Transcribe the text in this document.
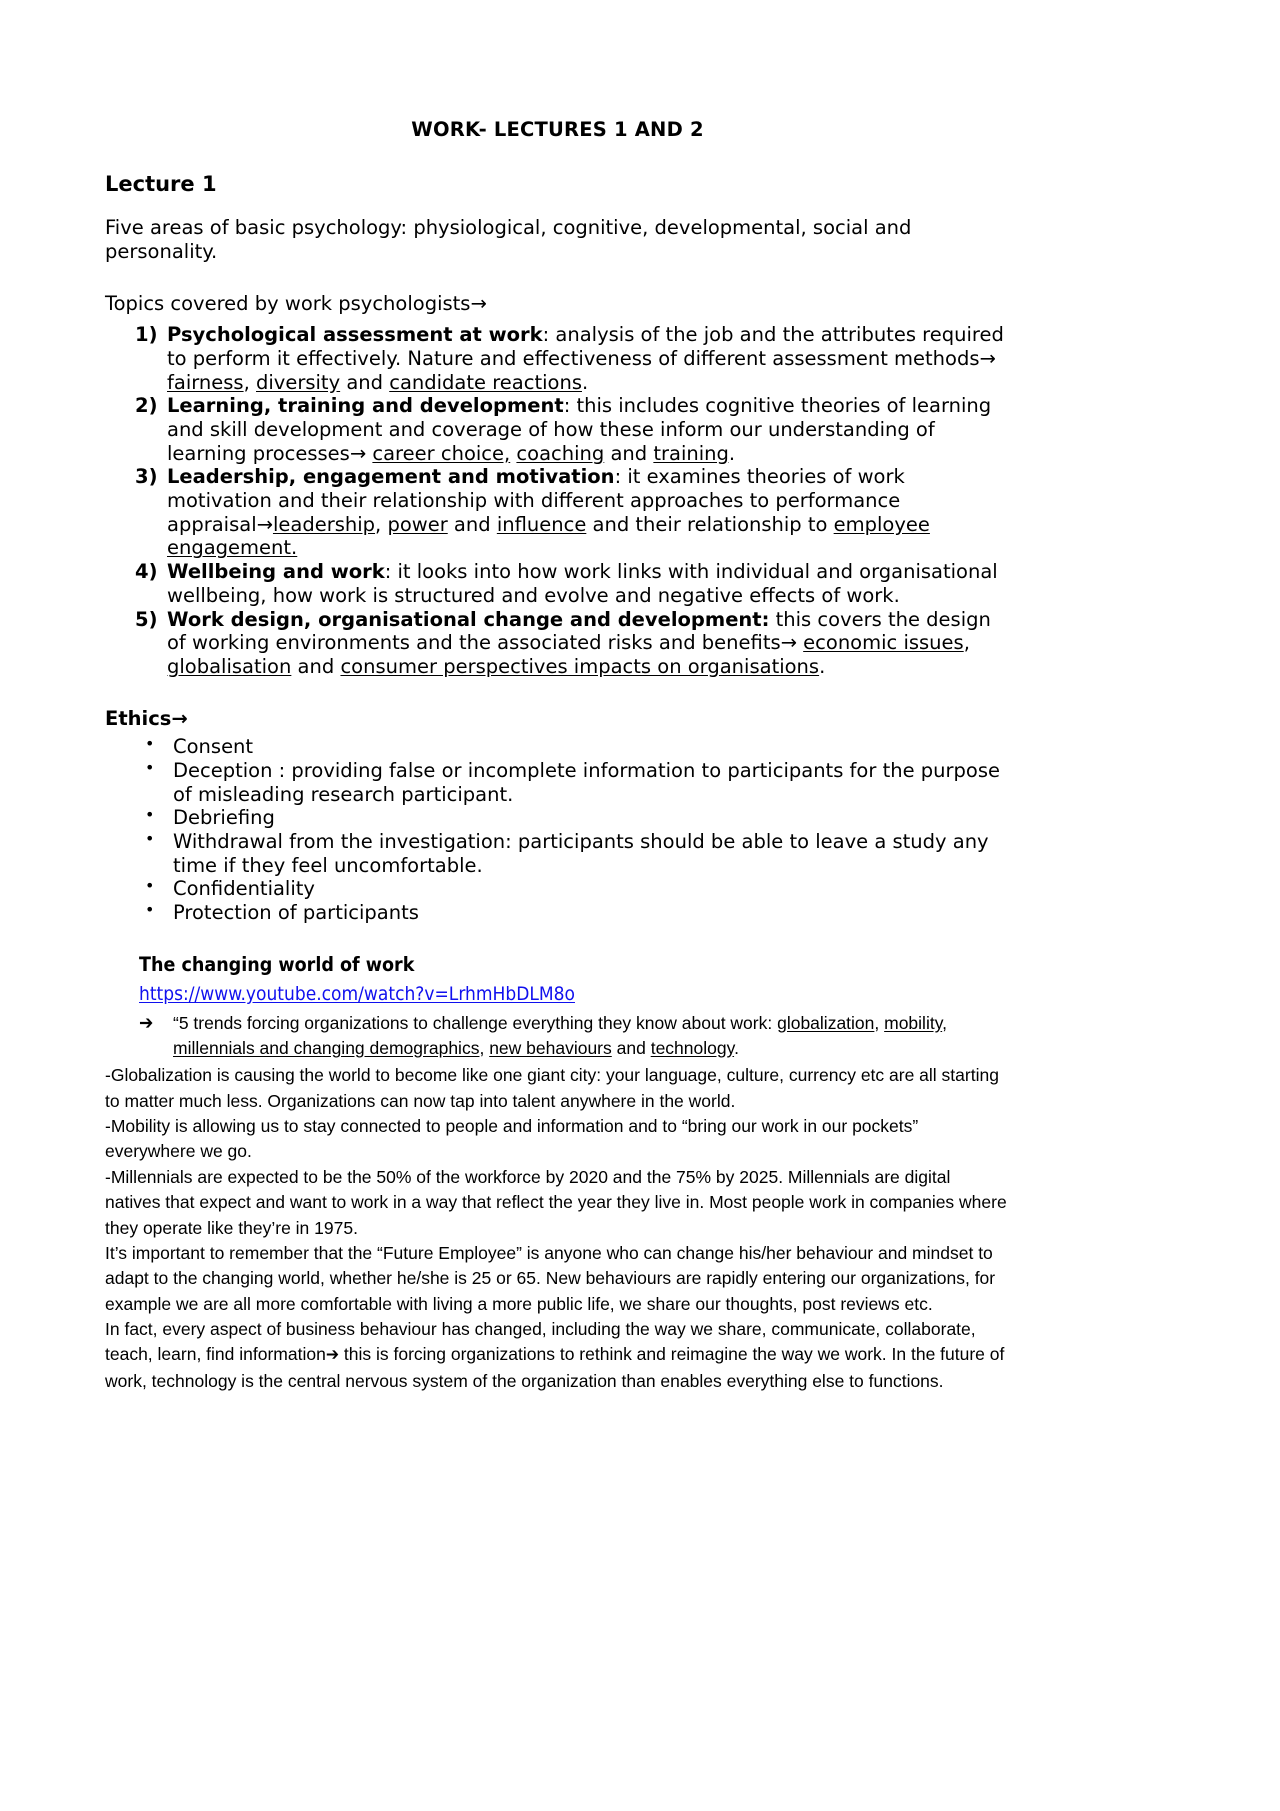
WORK- LECTURES 1 AND 2
Lecture 1

Five areas of basic psychology: physiological, cognitive, developmental, social and personality.

Topics covered by work psychologists→

Psychological assessment at work: analysis of the job and the attributes required to perform it effectively. Nature and effectiveness of different assessment methods→ fairness, diversity and candidate reactions.
Learning, training and development: this includes cognitive theories of learning and skill development and coverage of how these inform our understanding of learning processes→ career choice, coaching and training.
Leadership, engagement and motivation: it examines theories of work motivation and their relationship with different approaches to performance appraisal→leadership, power and influence and their relationship to employee engagement.
Wellbeing and work: it looks into how work links with individual and organisational wellbeing, how work is structured and evolve and negative effects of work.
Work design, organisational change and development: this covers the design of working environments and the associated risks and benefits→ economic issues, globalisation and consumer perspectives impacts on organisations.
Ethics→
• Consent
• Deception : providing false or incomplete information to participants for the purpose of misleading research participant.
• Debriefing
• Withdrawal from the investigation: participants should be able to leave a study any time if they feel uncomfortable.
• Confidentiality
• Protection of participants
The changing world of work
https://www.youtube.com/watch?v=LrhmHbDLM8o
➔ “5 trends forcing organizations to challenge everything they know about work: globalization, mobility, millennials and changing demographics, new behaviours and technology.

-Globalization is causing the world to become like one giant city: your language, culture, currency etc are all starting to matter much less. Organizations can now tap into talent anywhere in the world.

-Mobility is allowing us to stay connected to people and information and to “bring our work in our pockets” everywhere we go.

-Millennials are expected to be the 50% of the workforce by 2020 and the 75% by 2025. Millennials are digital natives that expect and want to work in a way that reflect the year they live in. Most people work in companies where they operate like they’re in 1975.

It’s important to remember that the “Future Employee” is anyone who can change his/her behaviour and mindset to adapt to the changing world, whether he/she is 25 or 65. New behaviours are rapidly entering our organizations, for example we are all more comfortable with living a more public life, we share our thoughts, post reviews etc.

In fact, every aspect of business behaviour has changed, including the way we share, communicate, collaborate, teach, learn, find information➔ this is forcing organizations to rethink and reimagine the way we work. In the future of work, technology is the central nervous system of the organization than enables everything else to functions.
